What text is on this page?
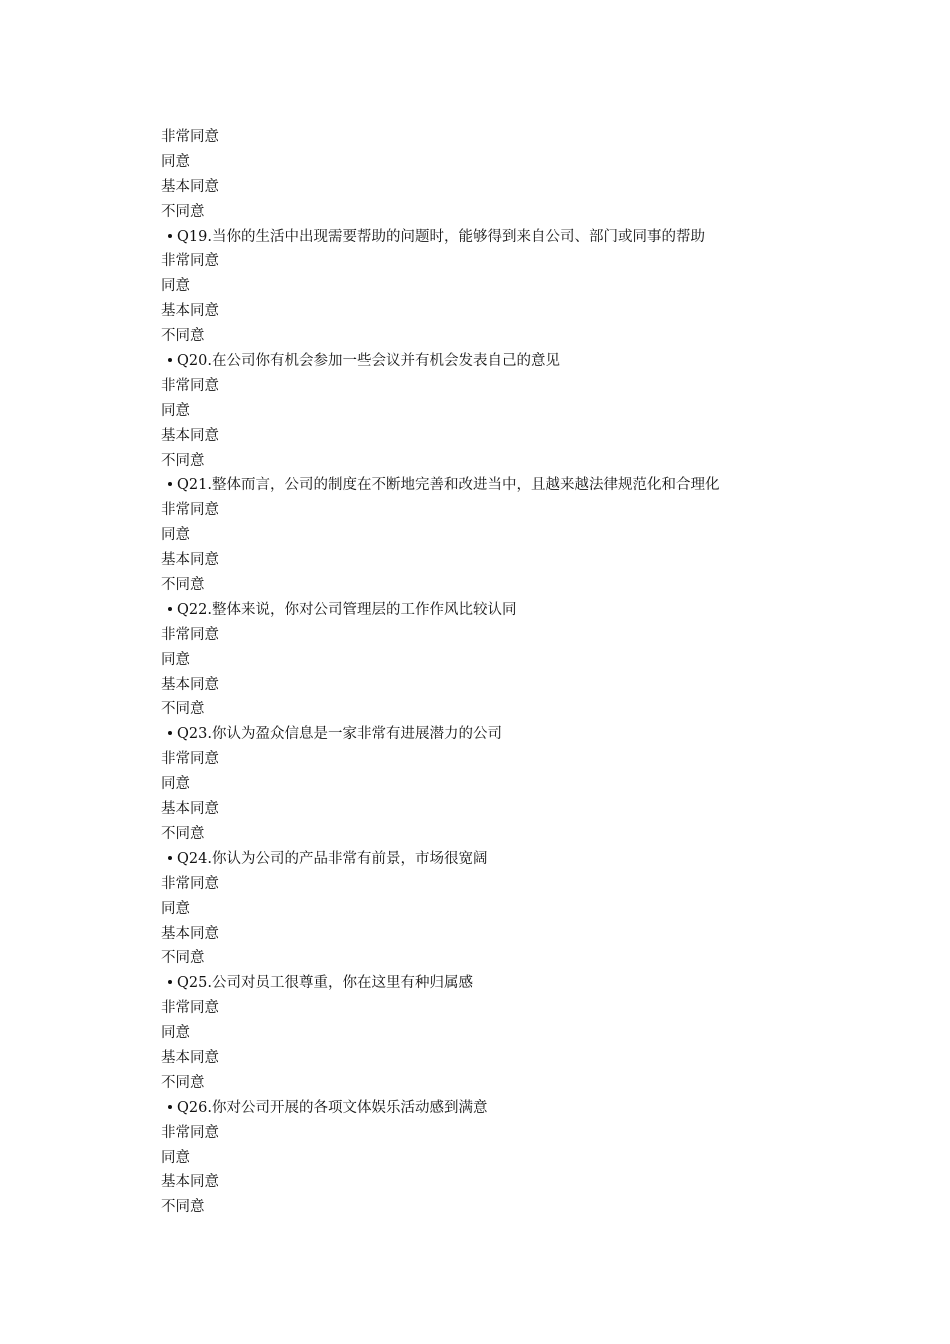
非常同意
同意
基本同意
不同意
Q19.当你的生活中出现需要帮助的问题时，能够得到来自公司、部门或同事的帮助
非常同意
同意
基本同意
不同意
Q20.在公司你有机会参加一些会议并有机会发表自己的意见
非常同意
同意
基本同意
不同意
Q21.整体而言，公司的制度在不断地完善和改进当中，且越来越法律规范化和合理化
非常同意
同意
基本同意
不同意
Q22.整体来说，你对公司管理层的工作作风比较认同
非常同意
同意
基本同意
不同意
Q23.你认为盈众信息是一家非常有进展潜力的公司
非常同意
同意
基本同意
不同意
Q24.你认为公司的产品非常有前景，市场很宽阔
非常同意
同意
基本同意
不同意
Q25.公司对员工很尊重，你在这里有种归属感
非常同意
同意
基本同意
不同意
Q26.你对公司开展的各项文体娱乐活动感到满意
非常同意
同意
基本同意
不同意
